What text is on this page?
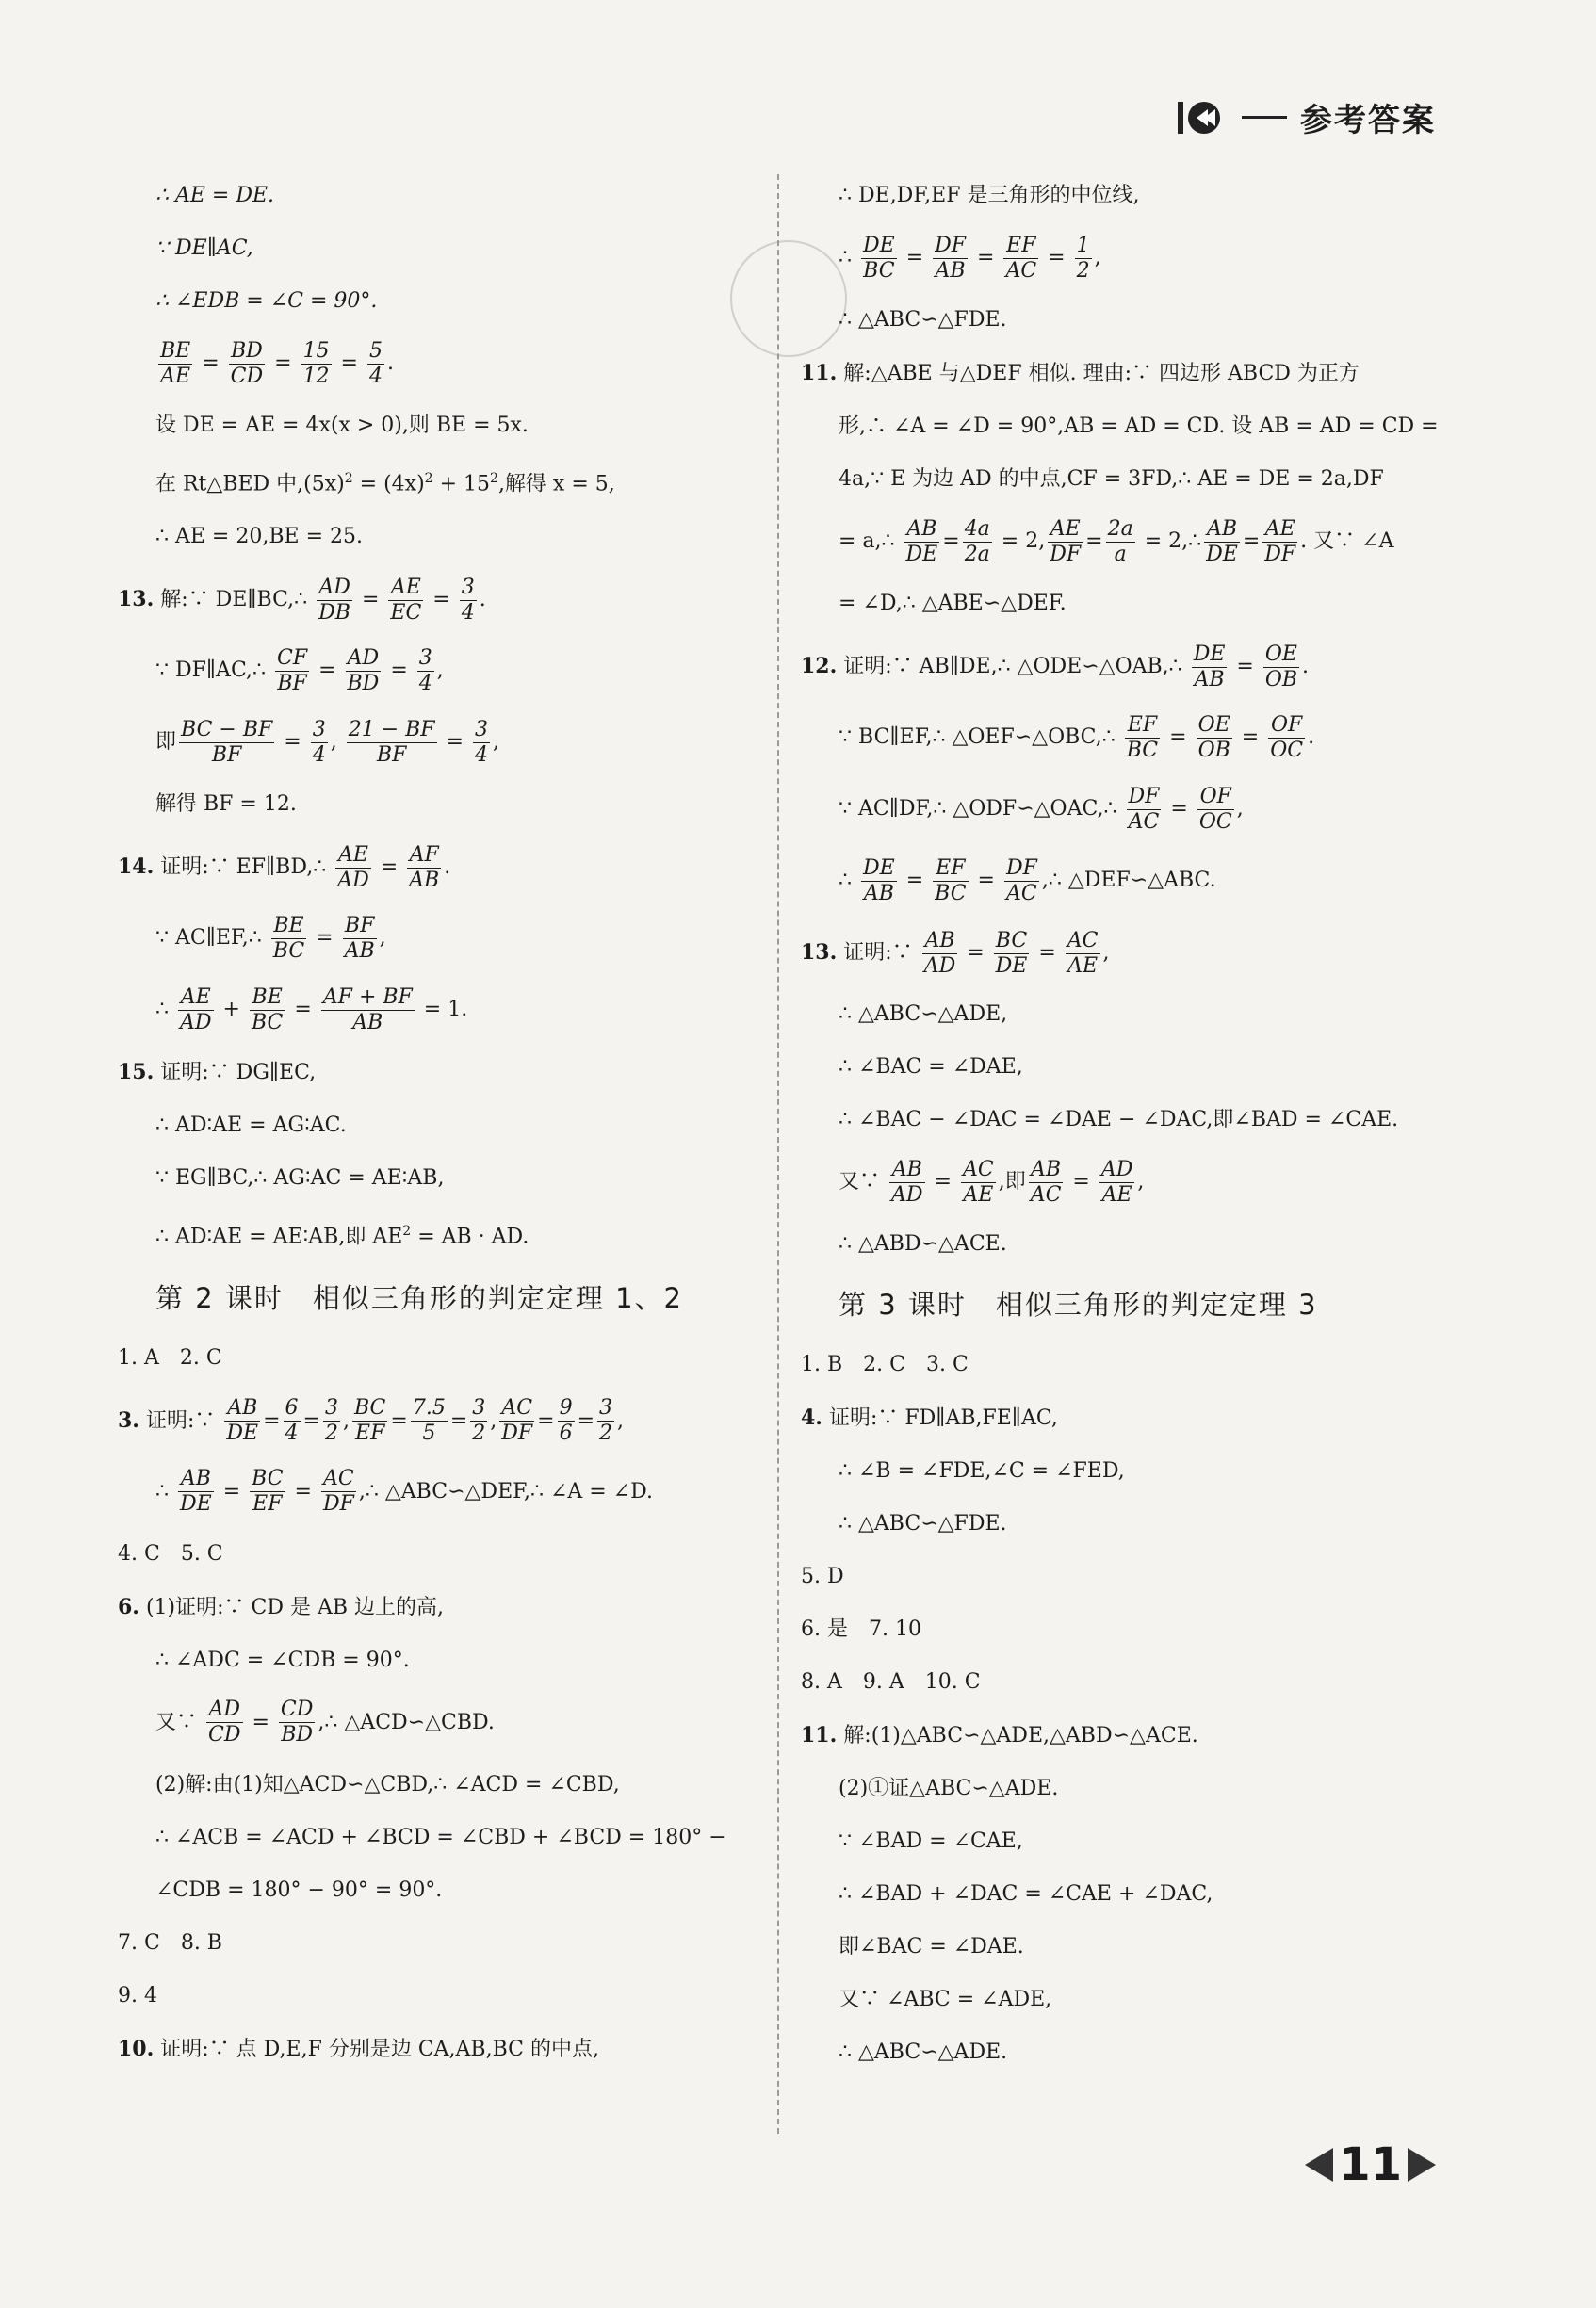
参考答案
∴ AE = DE.
∵ DE∥AC,
∴ ∠EDB = ∠C = 90°.
$\frac{BE}{AE} = \frac{BD}{CD} = \frac{15}{12} = \frac{5}{4}$ .
设 DE = AE = 4x(x > 0),则 BE = 5x.
在 Rt△BED 中$,(5x)^2 = (4x)^2 + 15^2$,解得 x = 5,
∴ AE = 20,BE = 25.
13. 解:∵ DE∥BC,∴ $\frac{AD}{DB} = \frac{AE}{EC} = \frac{3}{4}$ .
∵ DF∥AC,∴ $\frac{CF}{BF} = \frac{AD}{BD} = \frac{3}{4}$ ,
即 $\frac{BC - BF}{BF} = \frac{3}{4}$ , $\frac{21 - BF}{BF} = \frac{3}{4}$ ,
解得 BF = 12.
14. 证明:∵ EF∥BD,∴ $\frac{AE}{AD} = \frac{AF}{AB}$ .
∵ AC∥EF,∴ $\frac{BE}{BC} = \frac{BF}{AB}$ ,
∴ $\frac{AE}{AD} + \frac{BE}{BC} = \frac{AF + BF}{AB} = 1$.
15. 证明:∵ DG∥EC,
∴ AD∶AE = AG∶AC.
∵ EG∥BC,∴ AG∶AC = AE∶AB,
∴ AD∶AE = AE∶AB,即 $AE^2$ = AB · AD.
第 2 课时　相似三角形的判定定理 1、2
1. A　2. C
3. 证明:∵ $\frac{AB}{DE} = \frac{6}{4} = \frac{3}{2}$ , $\frac{BC}{EF} = \frac{7.5}{5} = \frac{3}{2}$ , $\frac{AC}{DF} = \frac{9}{6} = \frac{3}{2}$ ,
∴ $\frac{AB}{DE} = \frac{BC}{EF} = \frac{AC}{DF}$ ,∴ △ABC∽△DEF,∴ ∠A = ∠D.
4. C　5. C
6. (1)证明:∵ CD 是 AB 边上的高,
∴ ∠ADC = ∠CDB = 90°.
又∵ $\frac{AD}{CD} = \frac{CD}{BD}$ ,∴ △ACD∽△CBD.
(2)解:由(1)知△ACD∽△CBD,∴ ∠ACD = ∠CBD,
∴ ∠ACB = ∠ACD + ∠BCD = ∠CBD + ∠BCD = 180° −
∠CDB = 180° − 90° = 90°.
7. C　8. B
9. 4
10. 证明:∵ 点 D,E,F 分别是边 CA,AB,BC 的中点,
∴ DE,DF,EF 是三角形的中位线,
∴ $\frac{DE}{BC} = \frac{DF}{AB} = \frac{EF}{AC} = \frac{1}{2}$ ,
∴ △ABC∽△FDE.
11. 解:△ABE 与△DEF 相似. 理由:∵ 四边形 ABCD 为正方
形,∴ ∠A = ∠D = 90°,AB = AD = CD. 设 AB = AD = CD =
4a,∵ E 为边 AD 的中点,CF = 3FD,∴ AE = DE = 2a,DF
= a,∴ $\frac{AB}{DE} = \frac{4a}{2a} = 2$, $\frac{AE}{DF} = \frac{2a}{a}$ = 2,∴ $\frac{AB}{DE} = \frac{AE}{DF}$ . 又∵ ∠A
= ∠D,∴ △ABE∽△DEF.
12. 证明:∵ AB∥DE,∴ △ODE∽△OAB,∴ $\frac{DE}{AB} = \frac{OE}{OB}$ .
∵ BC∥EF,∴ △OEF∽△OBC,∴ $\frac{EF}{BC} = \frac{OE}{OB} = \frac{OF}{OC}$ .
∵ AC∥DF,∴ △ODF∽△OAC,∴ $\frac{DF}{AC} = \frac{OF}{OC}$ ,
∴ $\frac{DE}{AB} = \frac{EF}{BC} = \frac{DF}{AC}$ ,∴ △DEF∽△ABC.
13. 证明:∵ $\frac{AB}{AD} = \frac{BC}{DE} = \frac{AC}{AE}$ ,
∴ △ABC∽△ADE,
∴ ∠BAC = ∠DAE,
∴ ∠BAC − ∠DAC = ∠DAE − ∠DAC,即∠BAD = ∠CAE.
又∵ $\frac{AB}{AD} = \frac{AC}{AE}$ ,即 $\frac{AB}{AC} = \frac{AD}{AE}$ ,
∴ △ABD∽△ACE.
第 3 课时　相似三角形的判定定理 3
1. B　2. C　3. C
4. 证明:∵ FD∥AB,FE∥AC,
∴ ∠B = ∠FDE,∠C = ∠FED,
∴ △ABC∽△FDE.
5. D
6. 是　7. 10
8. A　9. A　10. C
11. 解:(1)△ABC∽△ADE,△ABD∽△ACE.
(2)①证△ABC∽△ADE.
∵ ∠BAD = ∠CAE,
∴ ∠BAD + ∠DAC = ∠CAE + ∠DAC,
即∠BAC = ∠DAE.
又∵ ∠ABC = ∠ADE,
∴ △ABC∽△ADE.
11
